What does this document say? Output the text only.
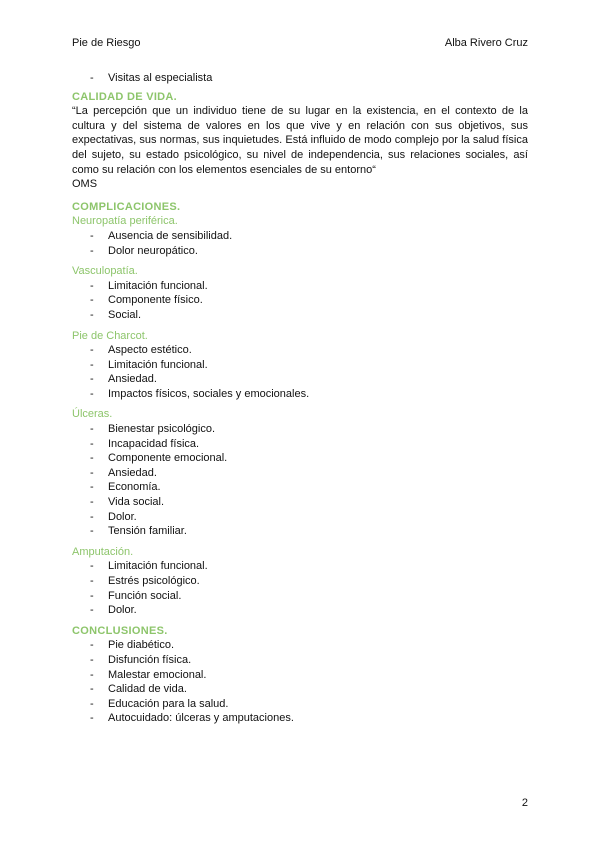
Pie de Riesgo	Alba Rivero Cruz
- Visitas al especialista
CALIDAD DE VIDA.
“La percepción que un individuo tiene de su lugar en la existencia, en el contexto de la cultura y del sistema de valores en los que vive y en relación con sus objetivos, sus expectativas, sus normas, sus inquietudes. Está influido de modo complejo por la salud física del sujeto, su estado psicológico, su nivel de independencia, sus relaciones sociales, así como su relación con los elementos esenciales de su entorno“
OMS
COMPLICACIONES.
Neuropatía periférica.
- Ausencia de sensibilidad.
- Dolor neuropático.
Vasculopatía.
- Limitación funcional.
- Componente físico.
- Social.
Pie de Charcot.
- Aspecto estético.
- Limitación funcional.
- Ansiedad.
- Impactos físicos, sociales y emocionales.
Úlceras.
- Bienestar psicológico.
- Incapacidad física.
- Componente emocional.
- Ansiedad.
- Economía.
- Vida social.
- Dolor.
- Tensión familiar.
Amputación.
- Limitación funcional.
- Estrés psicológico.
- Función social.
- Dolor.
CONCLUSIONES.
- Pie diabético.
- Disfunción física.
- Malestar emocional.
- Calidad de vida.
- Educación para la salud.
- Autocuidado: úlceras y amputaciones.
2
